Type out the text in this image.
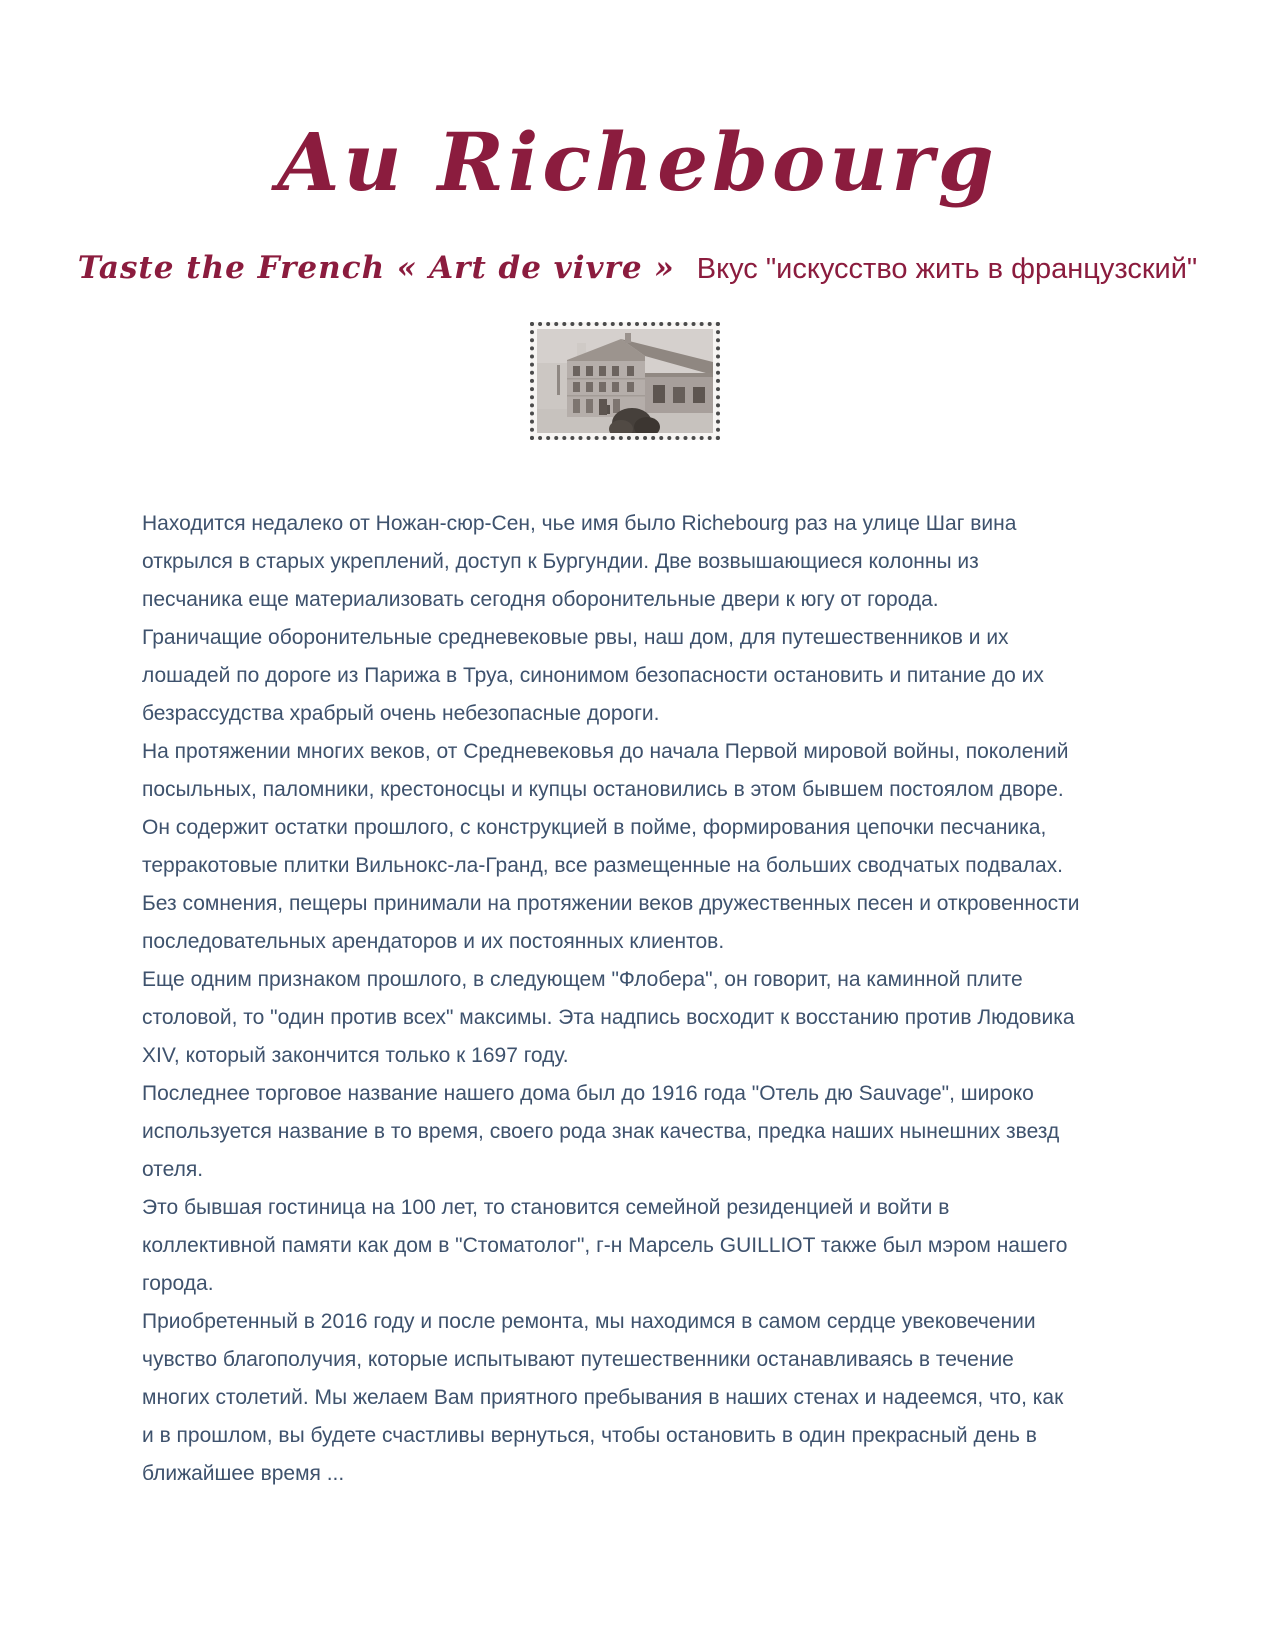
Au Richebourg
Taste the French « Art de vivre » Вкус "искусство жить в французский"
Находится недалеко от Ножан-сюр-Сен, чье имя было Richebourg раз на улице Шаг вина
открылся в старых укреплений, доступ к Бургундии. Две возвышающиеся колонны из
песчаника еще материализовать сегодня оборонительные двери к югу от города.
Граничащие оборонительные средневековые рвы, наш дом, для путешественников и их
лошадей по дороге из Парижа в Труа, синонимом безопасности остановить и питание до их
безрассудства храбрый очень небезопасные дороги.
На протяжении многих веков, от Средневековья до начала Первой мировой войны, поколений
посыльных, паломники, крестоносцы и купцы остановились в этом бывшем постоялом дворе.
Он содержит остатки прошлого, с конструкцией в пойме, формирования цепочки песчаника,
терракотовые плитки Вильнокс-ла-Гранд, все размещенные на больших сводчатых подвалах.
Без сомнения, пещеры принимали на протяжении веков дружественных песен и откровенности
последовательных арендаторов и их постоянных клиентов.
Еще одним признаком прошлого, в следующем "Флобера", он говорит, на каминной плите
столовой, то "один против всех" максимы. Эта надпись восходит к восстанию против Людовика
XIV, который закончится только к 1697 году.
Последнее торговое название нашего дома был до 1916 года "Отель дю Sauvage", широко
используется название в то время, своего рода знак качества, предка наших нынешних звезд
отеля.
Это бывшая гостиница на 100 лет, то становится семейной резиденцией и войти в
коллективной памяти как дом в "Стоматолог", г-н Марсель GUILLIOT также был мэром нашего
города.
Приобретенный в 2016 году и после ремонта, мы находимся в самом сердце увековечении
чувство благополучия, которые испытывают путешественники останавливаясь в течение
многих столетий. Мы желаем Вам приятного пребывания в наших стенах и надеемся, что, как
и в прошлом, вы будете счастливы вернуться, чтобы остановить в один прекрасный день в
ближайшее время ...
